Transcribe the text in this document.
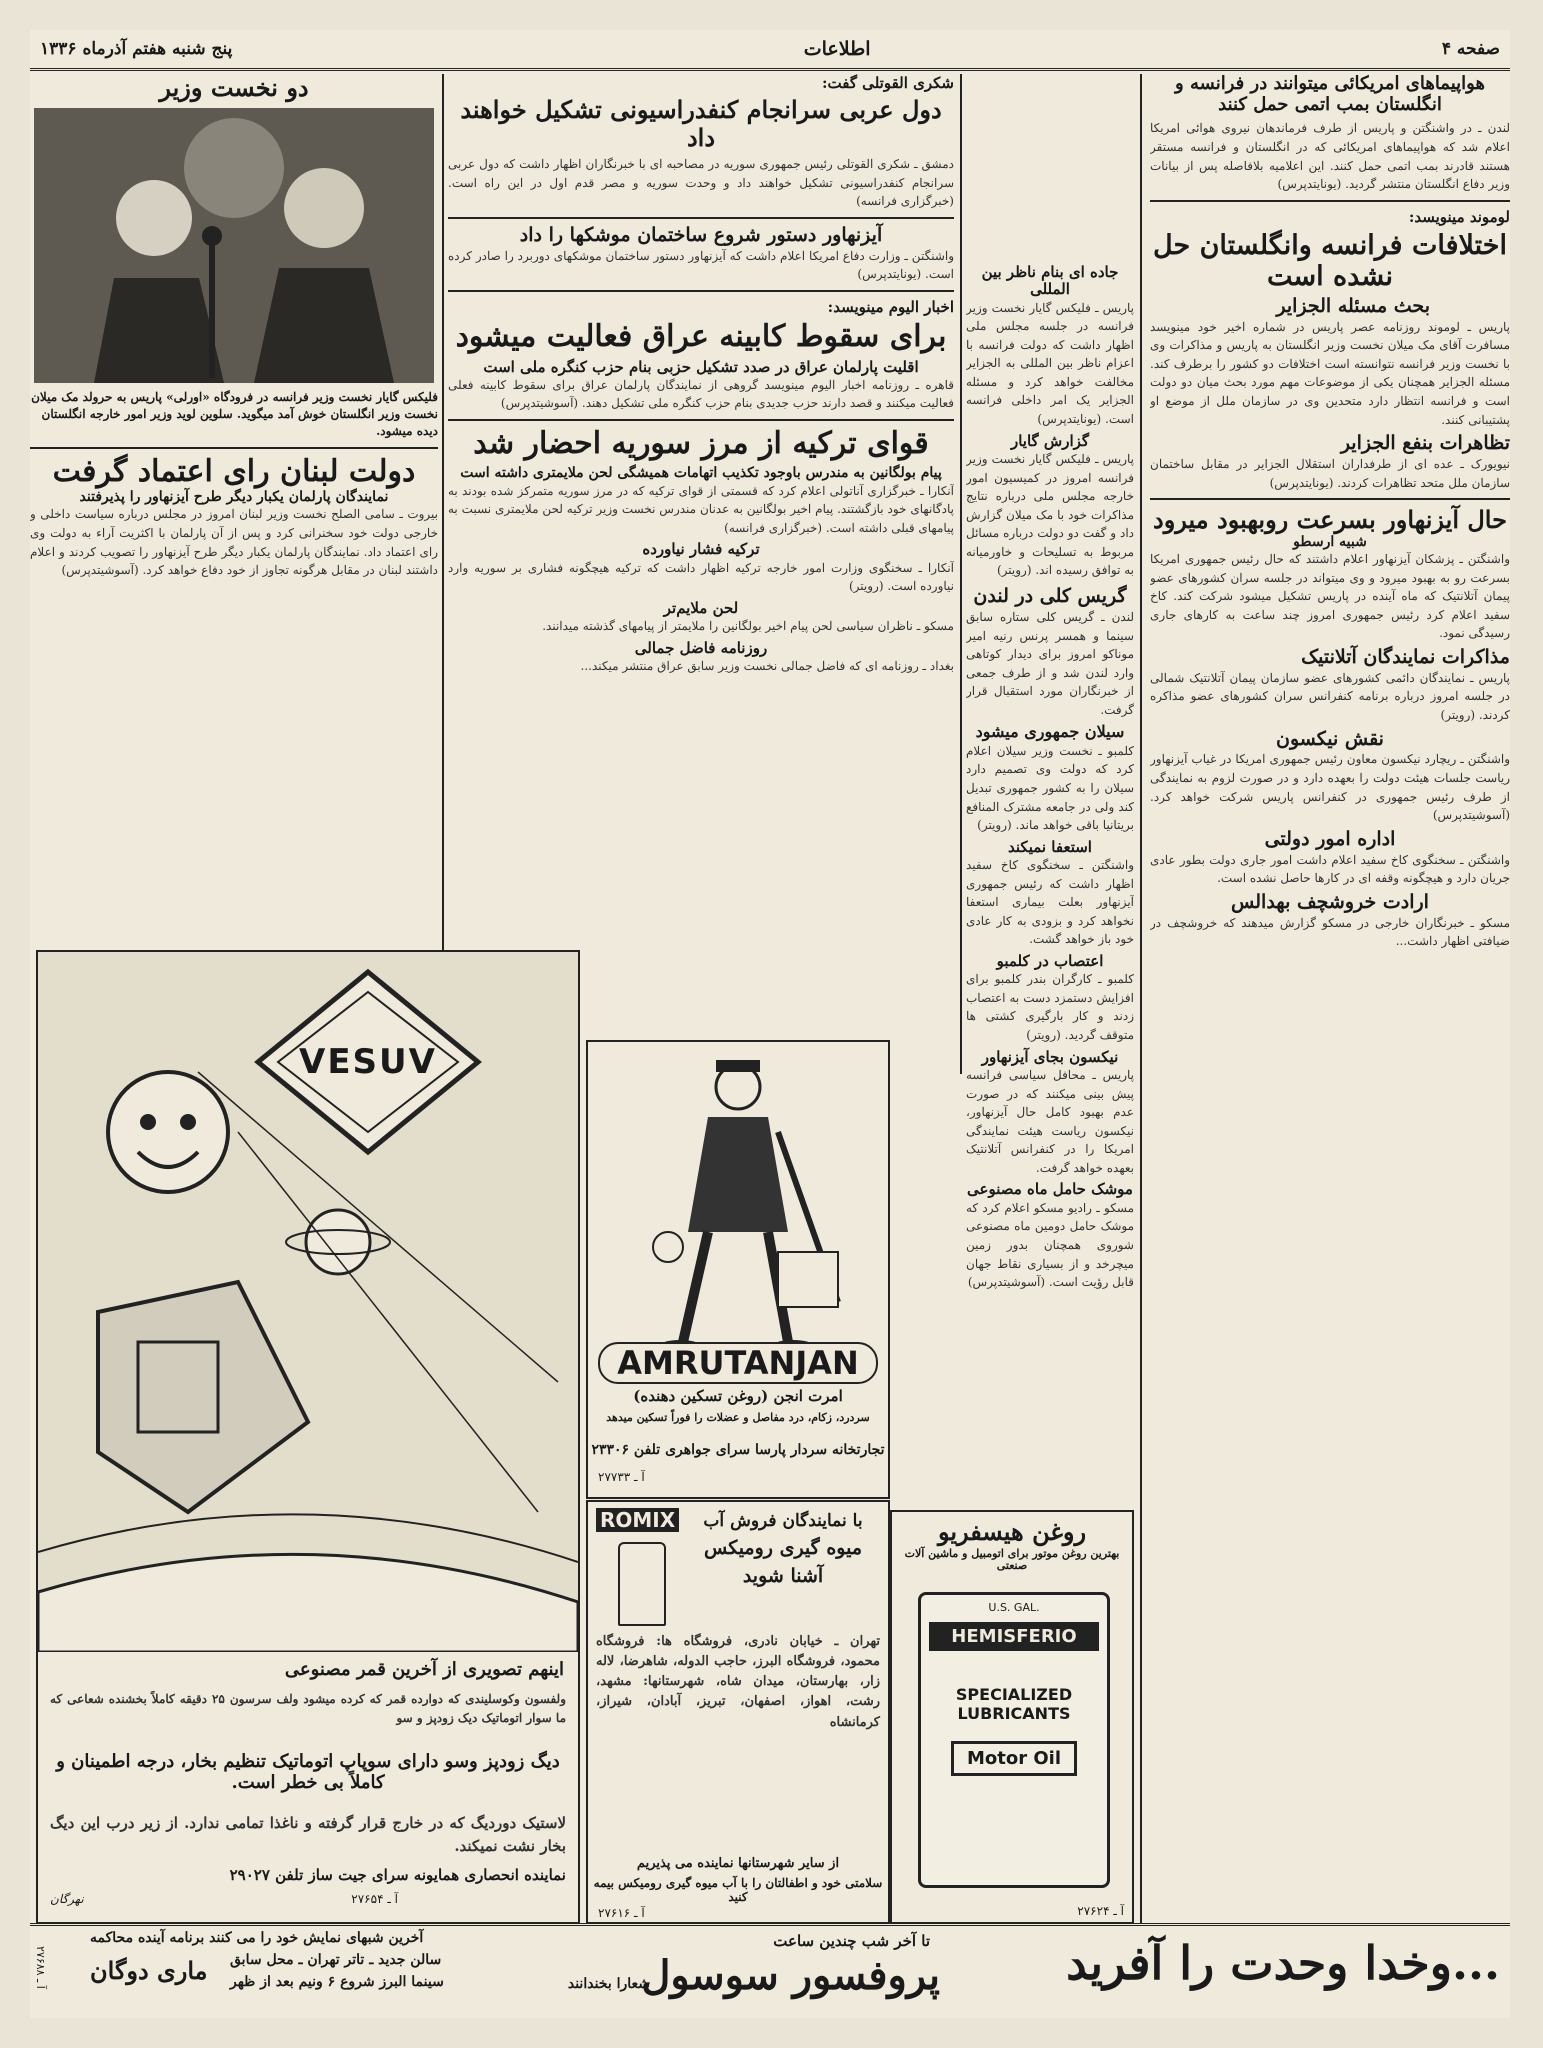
صفحه ۴
اطلاعات
پنج شنبه هفتم آذرماه ۱۳۳۶
هواپیماهای امریکائی میتوانند در فرانسه و انگلستان بمب اتمی حمل کنند
لندن ـ در واشنگتن و پاریس از طرف فرماندهان نیروی هوائی امریکا اعلام شد که هواپیماهای امریکائی که در انگلستان و فرانسه مستقر هستند قادرند بمب اتمی حمل کنند. این اعلامیه بلافاصله پس از بیانات وزیر دفاع انگلستان منتشر گردید. (یونایتدپرس)
لوموند مینویسد:
اختلافات فرانسه وانگلستان حل نشده است
بحث مسئله الجزایر
پاریس ـ لوموند روزنامه عصر پاریس در شماره اخیر خود مینویسد مسافرت آقای مک میلان نخست وزیر انگلستان به پاریس و مذاکرات وی با نخست وزیر فرانسه نتوانسته است اختلافات دو کشور را برطرف کند. مسئله الجزایر همچنان یکی از موضوعات مهم مورد بحث میان دو دولت است و فرانسه انتظار دارد متحدین وی در سازمان ملل از موضع او پشتیبانی کنند.
تظاهرات بنفع الجزایر
نیویورک ـ عده ای از طرفداران استقلال الجزایر در مقابل ساختمان سازمان ملل متحد تظاهرات کردند. (یونایتدپرس)
حال آیزنهاور بسرعت روبهبود میرود
شبیه ارسطو
واشنگتن ـ پزشکان آیزنهاور اعلام داشتند که حال رئیس جمهوری امریکا بسرعت رو به بهبود میرود و وی میتواند در جلسه سران کشورهای عضو پیمان آتلانتیک که ماه آینده در پاریس تشکیل میشود شرکت کند. کاخ سفید اعلام کرد رئیس جمهوری امروز چند ساعت به کارهای جاری رسیدگی نمود.
مذاکرات نمایندگان آتلانتیک
پاریس ـ نمایندگان دائمی کشورهای عضو سازمان پیمان آتلانتیک شمالی در جلسه امروز درباره برنامه کنفرانس سران کشورهای عضو مذاکره کردند. (رویتر)
نقش نیکسون
واشنگتن ـ ریچارد نیکسون معاون رئیس جمهوری امریکا در غیاب آیزنهاور ریاست جلسات هیئت دولت را بعهده دارد و در صورت لزوم به نمایندگی از طرف رئیس جمهوری در کنفرانس پاریس شرکت خواهد کرد. (آسوشیتدپرس)
اداره امور دولتی
واشنگتن ـ سخنگوی کاخ سفید اعلام داشت امور جاری دولت بطور عادی جریان دارد و هیچگونه وقفه ای در کارها حاصل نشده است.
ارادت خروشچف بهدالس
مسکو ـ خبرنگاران خارجی در مسکو گزارش میدهند که خروشچف در ضیافتی اظهار داشت...
جاده ای بنام ناظر بین المللی
پاریس ـ فلیکس گایار نخست وزیر فرانسه در جلسه مجلس ملی اظهار داشت که دولت فرانسه با اعزام ناظر بین المللی به الجزایر مخالفت خواهد کرد و مسئله الجزایر یک امر داخلی فرانسه است. (یونایتدپرس)
گزارش گایار
پاریس ـ فلیکس گایار نخست وزیر فرانسه امروز در کمیسیون امور خارجه مجلس ملی درباره نتایج مذاکرات خود با مک میلان گزارش داد و گفت دو دولت درباره مسائل مربوط به تسلیحات و خاورمیانه به توافق رسیده اند. (رویتر)
گریس کلی در لندن
لندن ـ گریس کلی ستاره سابق سینما و همسر پرنس رنیه امیر موناکو امروز برای دیدار کوتاهی وارد لندن شد و از طرف جمعی از خبرنگاران مورد استقبال قرار گرفت.
سیلان جمهوری میشود
کلمبو ـ نخست وزیر سیلان اعلام کرد که دولت وی تصمیم دارد سیلان را به کشور جمهوری تبدیل کند ولی در جامعه مشترک المنافع بریتانیا باقی خواهد ماند. (رویتر)
استعفا نمیکند
واشنگتن ـ سخنگوی کاخ سفید اظهار داشت که رئیس جمهوری آیزنهاور بعلت بیماری استعفا نخواهد کرد و بزودی به کار عادی خود باز خواهد گشت.
اعتصاب در کلمبو
کلمبو ـ کارگران بندر کلمبو برای افزایش دستمزد دست به اعتصاب زدند و کار بارگیری کشتی ها متوقف گردید. (رویتر)
نیکسون بجای آیزنهاور
پاریس ـ محافل سیاسی فرانسه پیش بینی میکنند که در صورت عدم بهبود کامل حال آیزنهاور، نیکسون ریاست هیئت نمایندگی امریکا را در کنفرانس آتلانتیک بعهده خواهد گرفت.
موشک حامل ماه مصنوعی
مسکو ـ رادیو مسکو اعلام کرد که موشک حامل دومین ماه مصنوعی شوروی همچنان بدور زمین میچرخد و از بسیاری نقاط جهان قابل رؤیت است. (آسوشیتدپرس)
روغن هیسفریو
بهترین روغن موتور برای اتومبیل و ماشین آلات صنعتی
U.S. GAL.
HEMISFERIO
SPECIALIZED
LUBRICANTS
Motor Oil
آ ـ ۲۷۶۲۴
شکری القوتلی گفت:
دول عربی سرانجام کنفدراسیونی تشکیل خواهند داد
دمشق ـ شکری القوتلی رئیس جمهوری سوریه در مصاحبه ای با خبرنگاران اظهار داشت که دول عربی سرانجام کنفدراسیونی تشکیل خواهند داد و وحدت سوریه و مصر قدم اول در این راه است. (خبرگزاری فرانسه)
آیزنهاور دستور شروع ساختمان موشکها را داد
واشنگتن ـ وزارت دفاع امریکا اعلام داشت که آیزنهاور دستور ساختمان موشکهای دوربرد را صادر کرده است. (یونایتدپرس)
اخبار الیوم مینویسد:
برای سقوط کابینه عراق فعالیت میشود
اقلیت پارلمان عراق در صدد تشکیل حزبی بنام حزب کنگره ملی است
قاهره ـ روزنامه اخبار الیوم مینویسد گروهی از نمایندگان پارلمان عراق برای سقوط کابینه فعلی فعالیت میکنند و قصد دارند حزب جدیدی بنام حزب کنگره ملی تشکیل دهند. (آسوشیتدپرس)
قوای ترکیه از مرز سوریه احضار شد
پیام بولگانین به مندرس باوجود تکذیب اتهامات همیشگی لحن ملایمتری داشته است
آنکارا ـ خبرگزاری آناتولی اعلام کرد که قسمتی از قوای ترکیه که در مرز سوریه متمرکز شده بودند به پادگانهای خود بازگشتند. پیام اخیر بولگانین به عدنان مندرس نخست وزیر ترکیه لحن ملایمتری نسبت به پیامهای قبلی داشته است. (خبرگزاری فرانسه)
ترکیه فشار نیاورده
آنکارا ـ سخنگوی وزارت امور خارجه ترکیه اظهار داشت که ترکیه هیچگونه فشاری بر سوریه وارد نیاورده است. (رویتر)
لحن ملایم‌تر
مسکو ـ ناظران سیاسی لحن پیام اخیر بولگانین را ملایمتر از پیامهای گذشته میدانند.
روزنامه فاضل جمالی
بغداد ـ روزنامه ای که فاضل جمالی نخست وزیر سابق عراق منتشر میکند...
AMRUTANJAN
امرت انجن (روغن تسکین دهنده)
سردرد، زکام، درد مفاصل و عضلات را فوراً تسکین میدهد
تجارتخانه سردار پارسا سرای جواهری تلفن ۲۳۳۰۶
آ ـ ۲۷۷۳۳
ROMIX	با نمایندگان فروش آب
میوه گیری رومیکس
آشنا شوید
تهران ـ خیابان نادری، فروشگاه ها: فروشگاه محمود، فروشگاه البرز، حاجب الدوله، شاهرضا، لاله زار، بهارستان، میدان شاه، شهرستانها: مشهد، رشت، اهواز، اصفهان، تبریز، آبادان، شیراز، کرمانشاه
از سایر شهرستانها نماینده می پذیریم
سلامتی خود و اطفالتان را با آب میوه گیری رومیکس بیمه کنید
آ ـ ۲۷۶۱۶
دو نخست وزیر
فلیکس گایار نخست وزیر فرانسه در فرودگاه «اورلی» پاریس به حرولد مک میلان نخست وزیر انگلستان خوش آمد میگوید. سلوین لوید وزیر امور خارجه انگلستان دیده میشود.
دولت لبنان رای اعتماد گرفت
نمایندگان پارلمان یکبار دیگر طرح آیزنهاور را پذیرفتند
بیروت ـ سامی الصلح نخست وزیر لبنان امروز در مجلس درباره سیاست داخلی و خارجی دولت خود سخنرانی کرد و پس از آن پارلمان با اکثریت آراء به دولت وی رای اعتماد داد. نمایندگان پارلمان یکبار دیگر طرح آیزنهاور را تصویب کردند و اعلام داشتند لبنان در مقابل هرگونه تجاوز از خود دفاع خواهد کرد. (آسوشیتدپرس)
VESUV
اینهم تصویری از آخرین قمر مصنوعی
ولفسون وکوسلیندی که دوارده قمر که کرده میشود ولف سرسون ۲۵ دقیقه کاملاً بخشنده شعاعی که ما سوار اتوماتیک دیک زودپز و سو
دیگ زودپز وسو دارای سوپاپ اتوماتیک تنظیم بخار، درجه اطمینان و کاملاً بی خطر است.
لاستیک دوردیگ که در خارج قرار گرفته و ناغذا تمامی ندارد. از زیر درب این دیگ بخار نشت نمیکند.
نماینده انحصاری همایونه سرای جیت ساز تلفن ۲۹۰۲۷
آ ـ ۲۷۶۵۴
نهرگان
...وخدا وحدت را آفرید
تا آخر شب چندین ساعت
پروفسور سوسول
شعارا بخندانند
آخرین شبهای نمایش خود را می کنند برنامه آینده محاکمه
سالن جدید ـ تاتر تهران ـ محل سابق
سینما البرز شروع ۶ ونیم بعد از ظهر
ماری دوگان
آ ـ ۲۷۶۸۸
